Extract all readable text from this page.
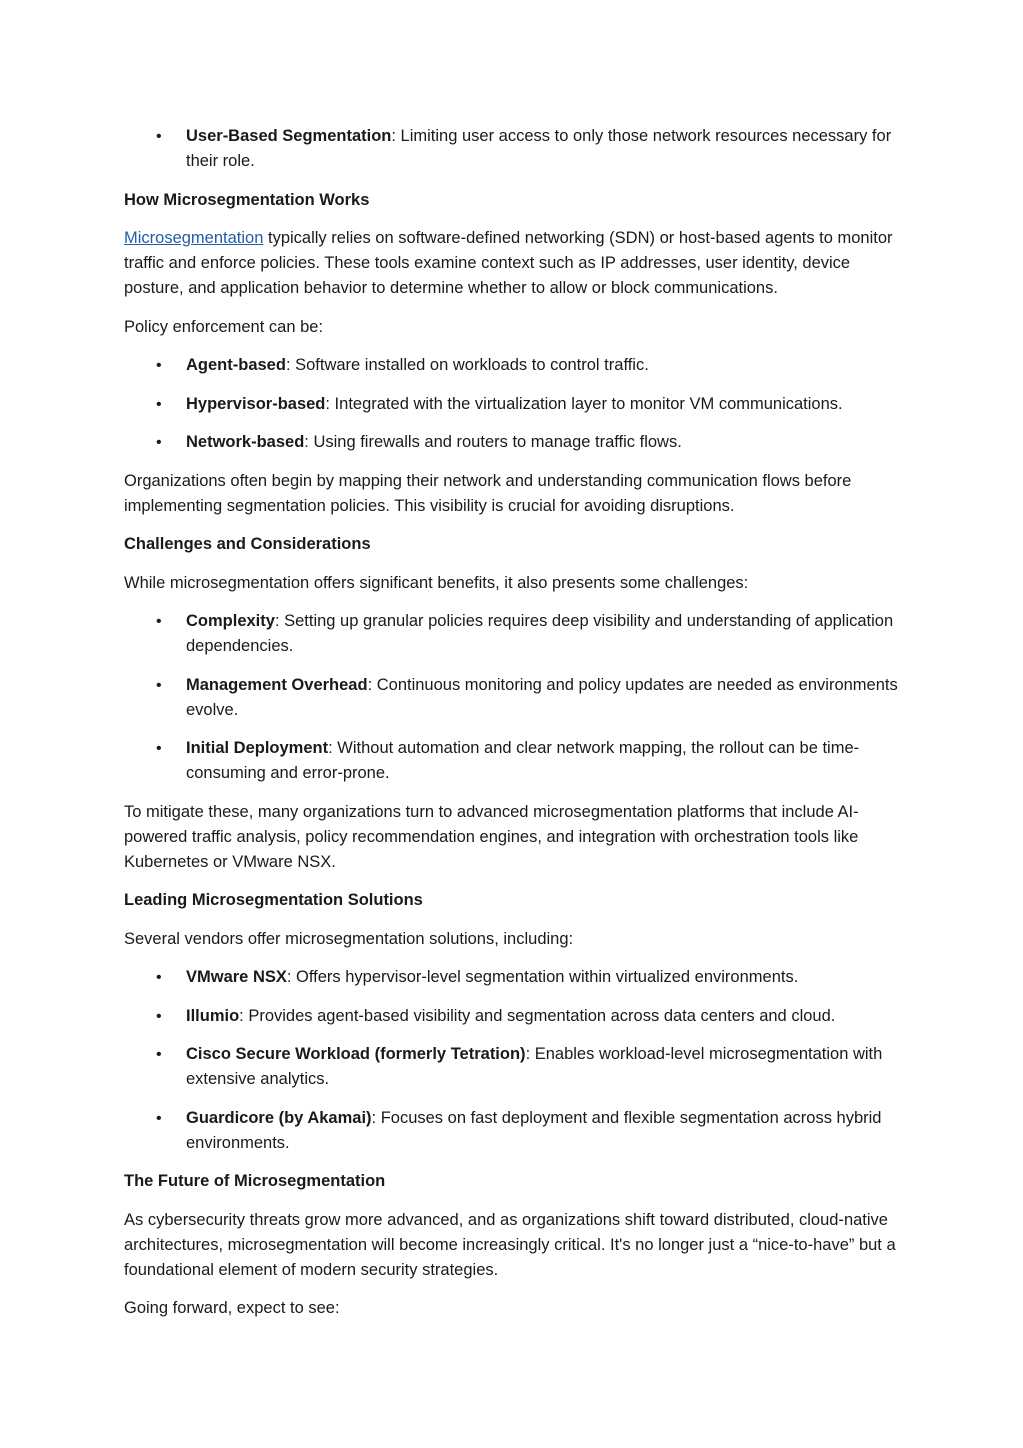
• User-Based Segmentation: Limiting user access to only those network resources necessary for their role.
How Microsegmentation Works

Microsegmentation typically relies on software-defined networking (SDN) or host-based agents to monitor traffic and enforce policies. These tools examine context such as IP addresses, user identity, device posture, and application behavior to determine whether to allow or block communications.

Policy enforcement can be:

• Agent-based: Software installed on workloads to control traffic.
• Hypervisor-based: Integrated with the virtualization layer to monitor VM communications.
• Network-based: Using firewalls and routers to manage traffic flows.

Organizations often begin by mapping their network and understanding communication flows before implementing segmentation policies. This visibility is crucial for avoiding disruptions.

Challenges and Considerations

While microsegmentation offers significant benefits, it also presents some challenges:

• Complexity: Setting up granular policies requires deep visibility and understanding of application dependencies.
• Management Overhead: Continuous monitoring and policy updates are needed as environments evolve.
• Initial Deployment: Without automation and clear network mapping, the rollout can be time-consuming and error-prone.

To mitigate these, many organizations turn to advanced microsegmentation platforms that include AI-powered traffic analysis, policy recommendation engines, and integration with orchestration tools like Kubernetes or VMware NSX.

Leading Microsegmentation Solutions

Several vendors offer microsegmentation solutions, including:

• VMware NSX: Offers hypervisor-level segmentation within virtualized environments.
• Illumio: Provides agent-based visibility and segmentation across data centers and cloud.
• Cisco Secure Workload (formerly Tetration): Enables workload-level microsegmentation with extensive analytics.
• Guardicore (by Akamai): Focuses on fast deployment and flexible segmentation across hybrid environments.
The Future of Microsegmentation

As cybersecurity threats grow more advanced, and as organizations shift toward distributed, cloud-native architectures, microsegmentation will become increasingly critical. It's no longer just a “nice-to-have” but a foundational element of modern security strategies.

Going forward, expect to see:
